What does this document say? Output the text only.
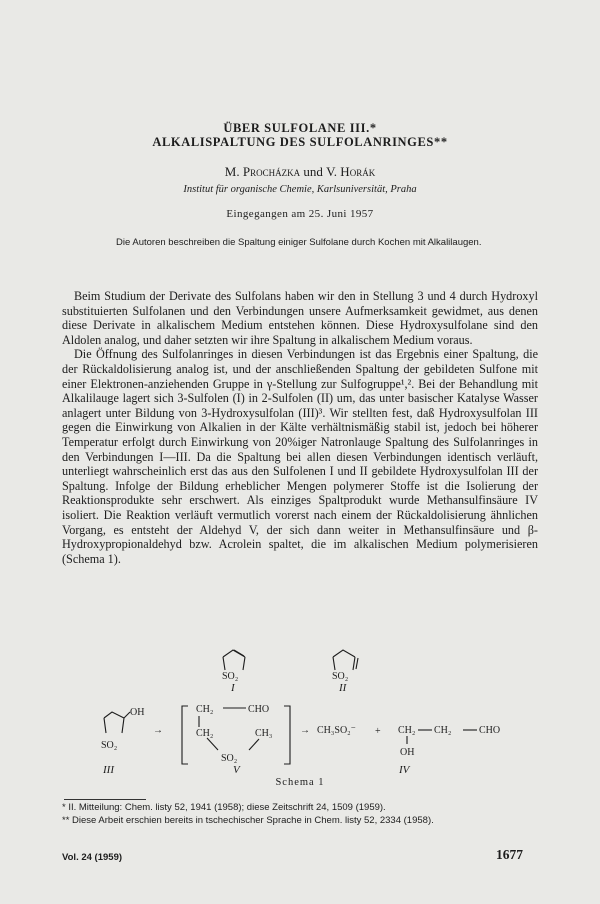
ÜBER SULFOLANE III.*
ALKALISPALTUNG DES SULFOLANRINGES**
M. Procházka und V. Horák
Institut für organische Chemie, Karlsuniversität, Praha
Eingegangen am 25. Juni 1957
Die Autoren beschreiben die Spaltung einiger Sulfolane durch Kochen mit Alkalilaugen.

Beim Studium der Derivate des Sulfolans haben wir den in Stellung 3 und 4 durch Hydroxyl substituierten Sulfolanen und den Verbindungen unsere Aufmerksamkeit gewidmet, aus denen diese Derivate in alkalischem Medium entstehen können. Diese Hydroxysulfolane sind den Aldolen analog, und daher setzten wir ihre Spaltung in alkalischem Medium voraus.

Die Öffnung des Sulfolanringes in diesen Verbindungen ist das Ergebnis einer Spaltung, die der Rückaldolisierung analog ist, und der anschließenden Spaltung der gebildeten Sulfone mit einer Elektronen-anziehenden Gruppe in γ-Stellung zur Sulfogruppe¹,². Bei der Behandlung mit Alkalilauge lagert sich 3-Sulfolen (I) in 2-Sulfolen (II) um, das unter basischer Katalyse Wasser anlagert unter Bildung von 3-Hydroxysulfolan (III)³. Wir stellten fest, daß Hydroxysulfolan III gegen die Einwirkung von Alkalien in der Kälte verhältnismäßig stabil ist, jedoch bei höherer Temperatur erfolgt durch Einwirkung von 20%iger Natronlauge Spaltung des Sulfolanringes in den Verbindungen I—III. Da die Spaltung bei allen diesen Verbindungen identisch verläuft, unterliegt wahrscheinlich erst das aus den Sulfolenen I und II gebildete Hydroxysulfolan III der Spaltung. Infolge der Bildung erheblicher Mengen polymerer Stoffe ist die Isolierung der Reaktionsprodukte sehr erschwert. Als einziges Spaltprodukt wurde Methansulfinsäure IV isoliert. Die Reaktion verläuft vermutlich vorerst nach einem der Rückaldolisierung ähnlichen Vorgang, es entsteht der Aldehyd V, der sich dann weiter in Methansulfinsäure und β-Hydroxypropionaldehyd bzw. Acrolein spaltet, die im alkalischen Medium polymerisieren (Schema 1).

SO₂
I
SO₂
II
OH
SO₂
III
→
CH₂	CHO
CH₂	CH₃
SO₂
V
→ CH₃SO₂⁻ + CH₂ CH₂	CHO
OH
IV
Schema 1
* II. Mitteilung: Chem. listy 52, 1941 (1958); diese Zeitschrift 24, 1509 (1959).
** Diese Arbeit erschien bereits in tschechischer Sprache in Chem. listy 52, 2334 (1958).
Vol. 24 (1959)	1677
